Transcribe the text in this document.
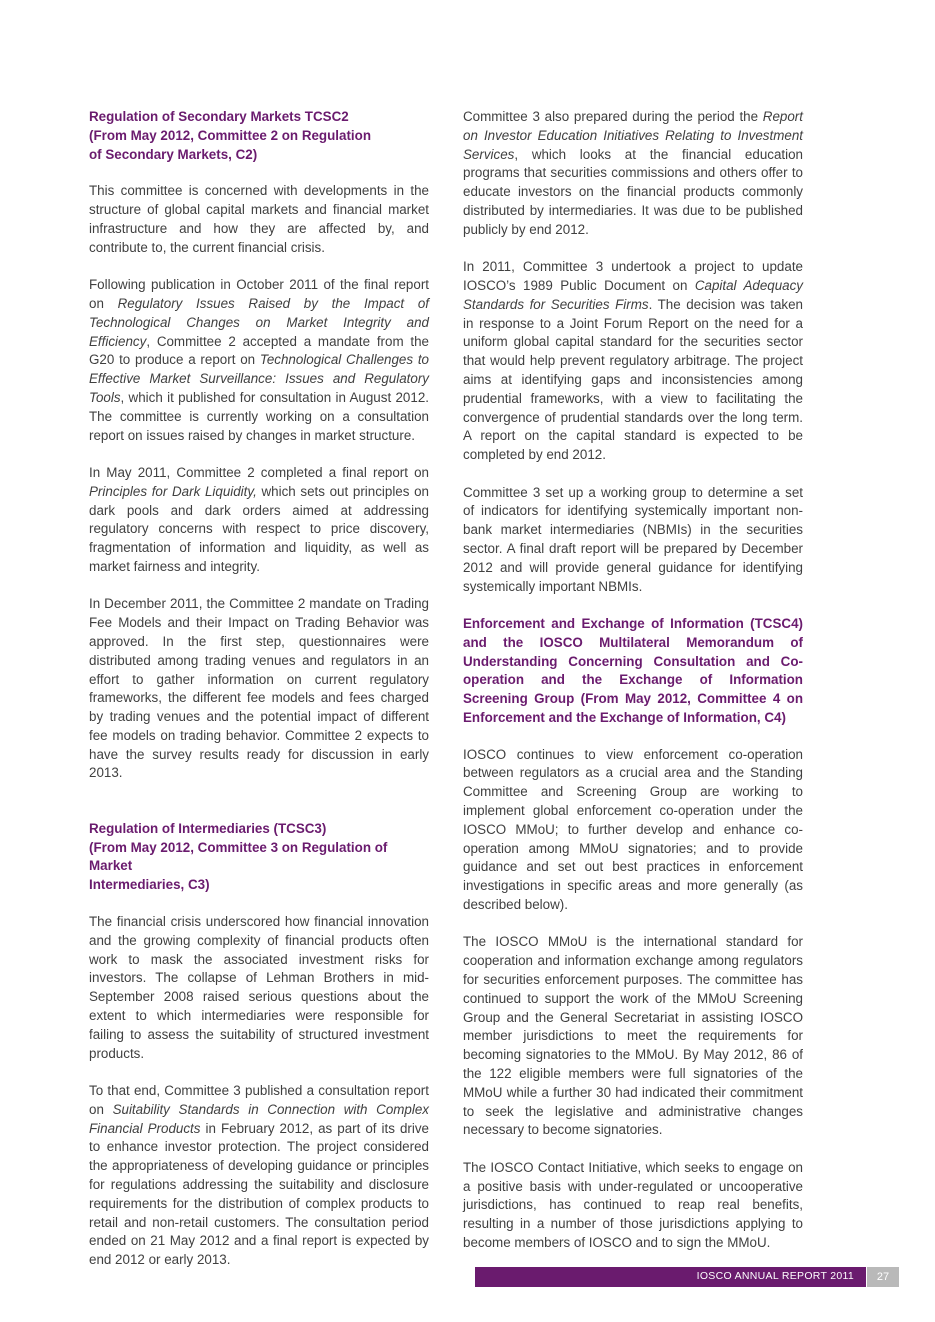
Regulation of Secondary Markets TCSC2
(From May 2012, Committee 2 on Regulation
of Secondary Markets, C2)

This committee is concerned with developments in the structure of global capital markets and financial market infrastructure and how they are affected by, and contribute to, the current financial crisis.

Following publication in October 2011 of the final report on Regulatory Issues Raised by the Impact of Technological Changes on Market Integrity and Efficiency, Committee 2 accepted a mandate from the G20 to produce a report on Technological Challenges to Effective Market Surveillance: Issues and Regulatory Tools, which it published for consultation in August 2012. The committee is currently working on a consultation report on issues raised by changes in market structure.

In May 2011, Committee 2 completed a final report on Principles for Dark Liquidity, which sets out principles on dark pools and dark orders aimed at addressing regulatory concerns with respect to price discovery, fragmentation of information and liquidity, as well as market fairness and integrity.

In December 2011, the Committee 2 mandate on Trading Fee Models and their Impact on Trading Behavior was approved. In the first step, questionnaires were distributed among trading venues and regulators in an effort to gather information on current regulatory frameworks, the different fee models and fees charged by trading venues and the potential impact of different fee models on trading behavior. Committee 2 expects to have the survey results ready for discussion in early 2013.

Regulation of Intermediaries (TCSC3)
(From May 2012, Committee 3 on Regulation of Market
Intermediaries, C3)

The financial crisis underscored how financial innovation and the growing complexity of financial products often work to mask the associated investment risks for investors. The collapse of Lehman Brothers in mid-September 2008 raised serious questions about the extent to which intermediaries were responsible for failing to assess the suitability of structured investment products.

To that end, Committee 3 published a consultation report on Suitability Standards in Connection with Complex Financial Products in February 2012, as part of its drive to enhance investor protection. The project considered the appropriateness of developing guidance or principles for regulations addressing the suitability and disclosure requirements for the distribution of complex products to retail and non-retail customers. The consultation period ended on 21 May 2012 and a final report is expected by end 2012 or early 2013.

Committee 3 also prepared during the period the Report on Investor Education Initiatives Relating to Investment Services, which looks at the financial education programs that securities commissions and others offer to educate investors on the financial products commonly distributed by intermediaries. It was due to be published publicly by end 2012.

In 2011, Committee 3 undertook a project to update IOSCO’s 1989 Public Document on Capital Adequacy Standards for Securities Firms. The decision was taken in response to a Joint Forum Report on the need for a uniform global capital standard for the securities sector that would help prevent regulatory arbitrage. The project aims at identifying gaps and inconsistencies among prudential frameworks, with a view to facilitating the convergence of prudential standards over the long term. A report on the capital standard is expected to be completed by end 2012.

Committee 3 set up a working group to determine a set of indicators for identifying systemically important non-bank market intermediaries (NBMIs) in the securities sector. A final draft report will be prepared by December 2012 and will provide general guidance for identifying systemically important NBMIs.

Enforcement and Exchange of Information (TCSC4) and the IOSCO Multilateral Memorandum of Understanding Concerning Consultation and Co-operation and the Exchange of Information Screening Group (From May 2012, Committee 4 on Enforcement and the Exchange of Information, C4)

IOSCO continues to view enforcement co-operation between regulators as a crucial area and the Standing Committee and Screening Group are working to implement global enforcement co-operation under the IOSCO MMoU; to further develop and enhance co-operation among MMoU signatories; and to provide guidance and set out best practices in enforcement investigations in specific areas and more generally (as described below).

The IOSCO MMoU is the international standard for cooperation and information exchange among regulators for securities enforcement purposes. The committee has continued to support the work of the MMoU Screening Group and the General Secretariat in assisting IOSCO member jurisdictions to meet the requirements for becoming signatories to the MMoU. By May 2012, 86 of the 122 eligible members were full signatories of the MMoU while a further 30 had indicated their commitment to seek the legislative and administrative changes necessary to become signatories.

The IOSCO Contact Initiative, which seeks to engage on a positive basis with under-regulated or uncooperative jurisdictions, has continued to reap real benefits, resulting in a number of those jurisdictions applying to become members of IOSCO and to sign the MMoU.

IOSCO ANNUAL REPORT 2011	27
